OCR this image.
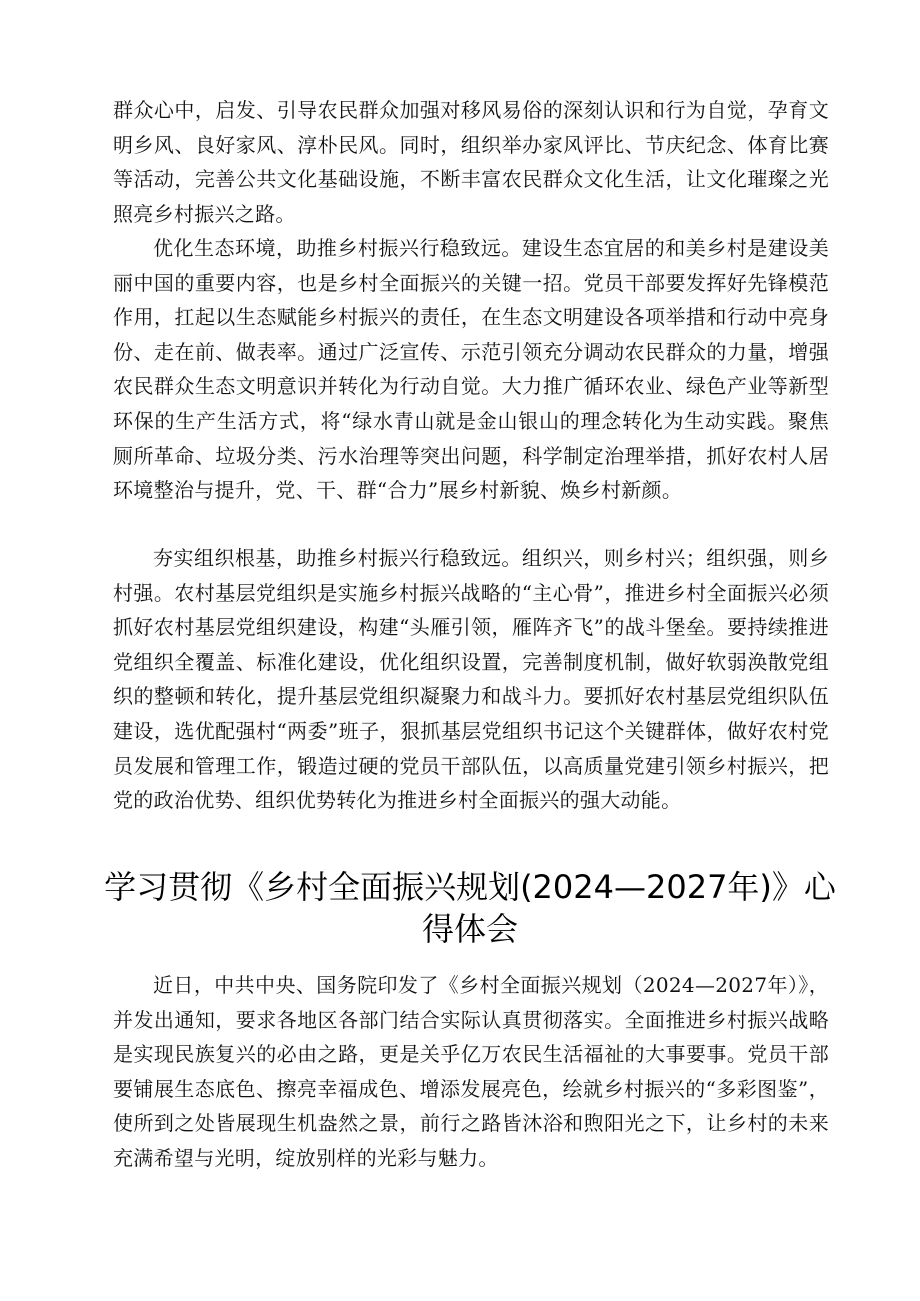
群众心中，启发、引导农民群众加强对移风易俗的深刻认识和行为自觉，孕育文明乡风、良好家风、淳朴民风。同时，组织举办家风评比、节庆纪念、体育比赛等活动，完善公共文化基础设施，不断丰富农民群众文化生活，让文化璀璨之光照亮乡村振兴之路。

优化生态环境，助推乡村振兴行稳致远。建设生态宜居的和美乡村是建设美丽中国的重要内容，也是乡村全面振兴的关键一招。党员干部要发挥好先锋模范作用，扛起以生态赋能乡村振兴的责任，在生态文明建设各项举措和行动中亮身份、走在前、做表率。通过广泛宣传、示范引领充分调动农民群众的力量，增强农民群众生态文明意识并转化为行动自觉。大力推广循环农业、绿色产业等新型环保的生产生活方式，将“绿水青山就是金山银山的理念转化为生动实践。聚焦厕所革命、垃圾分类、污水治理等突出问题，科学制定治理举措，抓好农村人居环境整治与提升，党、干、群“合力”展乡村新貌、焕乡村新颜。

夯实组织根基，助推乡村振兴行稳致远。组织兴，则乡村兴；组织强，则乡村强。农村基层党组织是实施乡村振兴战略的“主心骨”，推进乡村全面振兴必须抓好农村基层党组织建设，构建“头雁引领，雁阵齐飞”的战斗堡垒。要持续推进党组织全覆盖、标准化建设，优化组织设置，完善制度机制，做好软弱涣散党组织的整顿和转化，提升基层党组织凝聚力和战斗力。要抓好农村基层党组织队伍建设，选优配强村“两委”班子，狠抓基层党组织书记这个关键群体，做好农村党员发展和管理工作，锻造过硬的党员干部队伍，以高质量党建引领乡村振兴，把党的政治优势、组织优势转化为推进乡村全面振兴的强大动能。

学习贯彻《乡村全面振兴规划(2024—2027年)》心得体会

近日，中共中央、国务院印发了《乡村全面振兴规划（2024—2027年）》，并发出通知，要求各地区各部门结合实际认真贯彻落实。全面推进乡村振兴战略是实现民族复兴的必由之路，更是关乎亿万农民生活福祉的大事要事。党员干部要铺展生态底色、擦亮幸福成色、增添发展亮色，绘就乡村振兴的“多彩图鉴”，使所到之处皆展现生机盎然之景，前行之路皆沐浴和煦阳光之下，让乡村的未来充满希望与光明，绽放别样的光彩与魅力。
